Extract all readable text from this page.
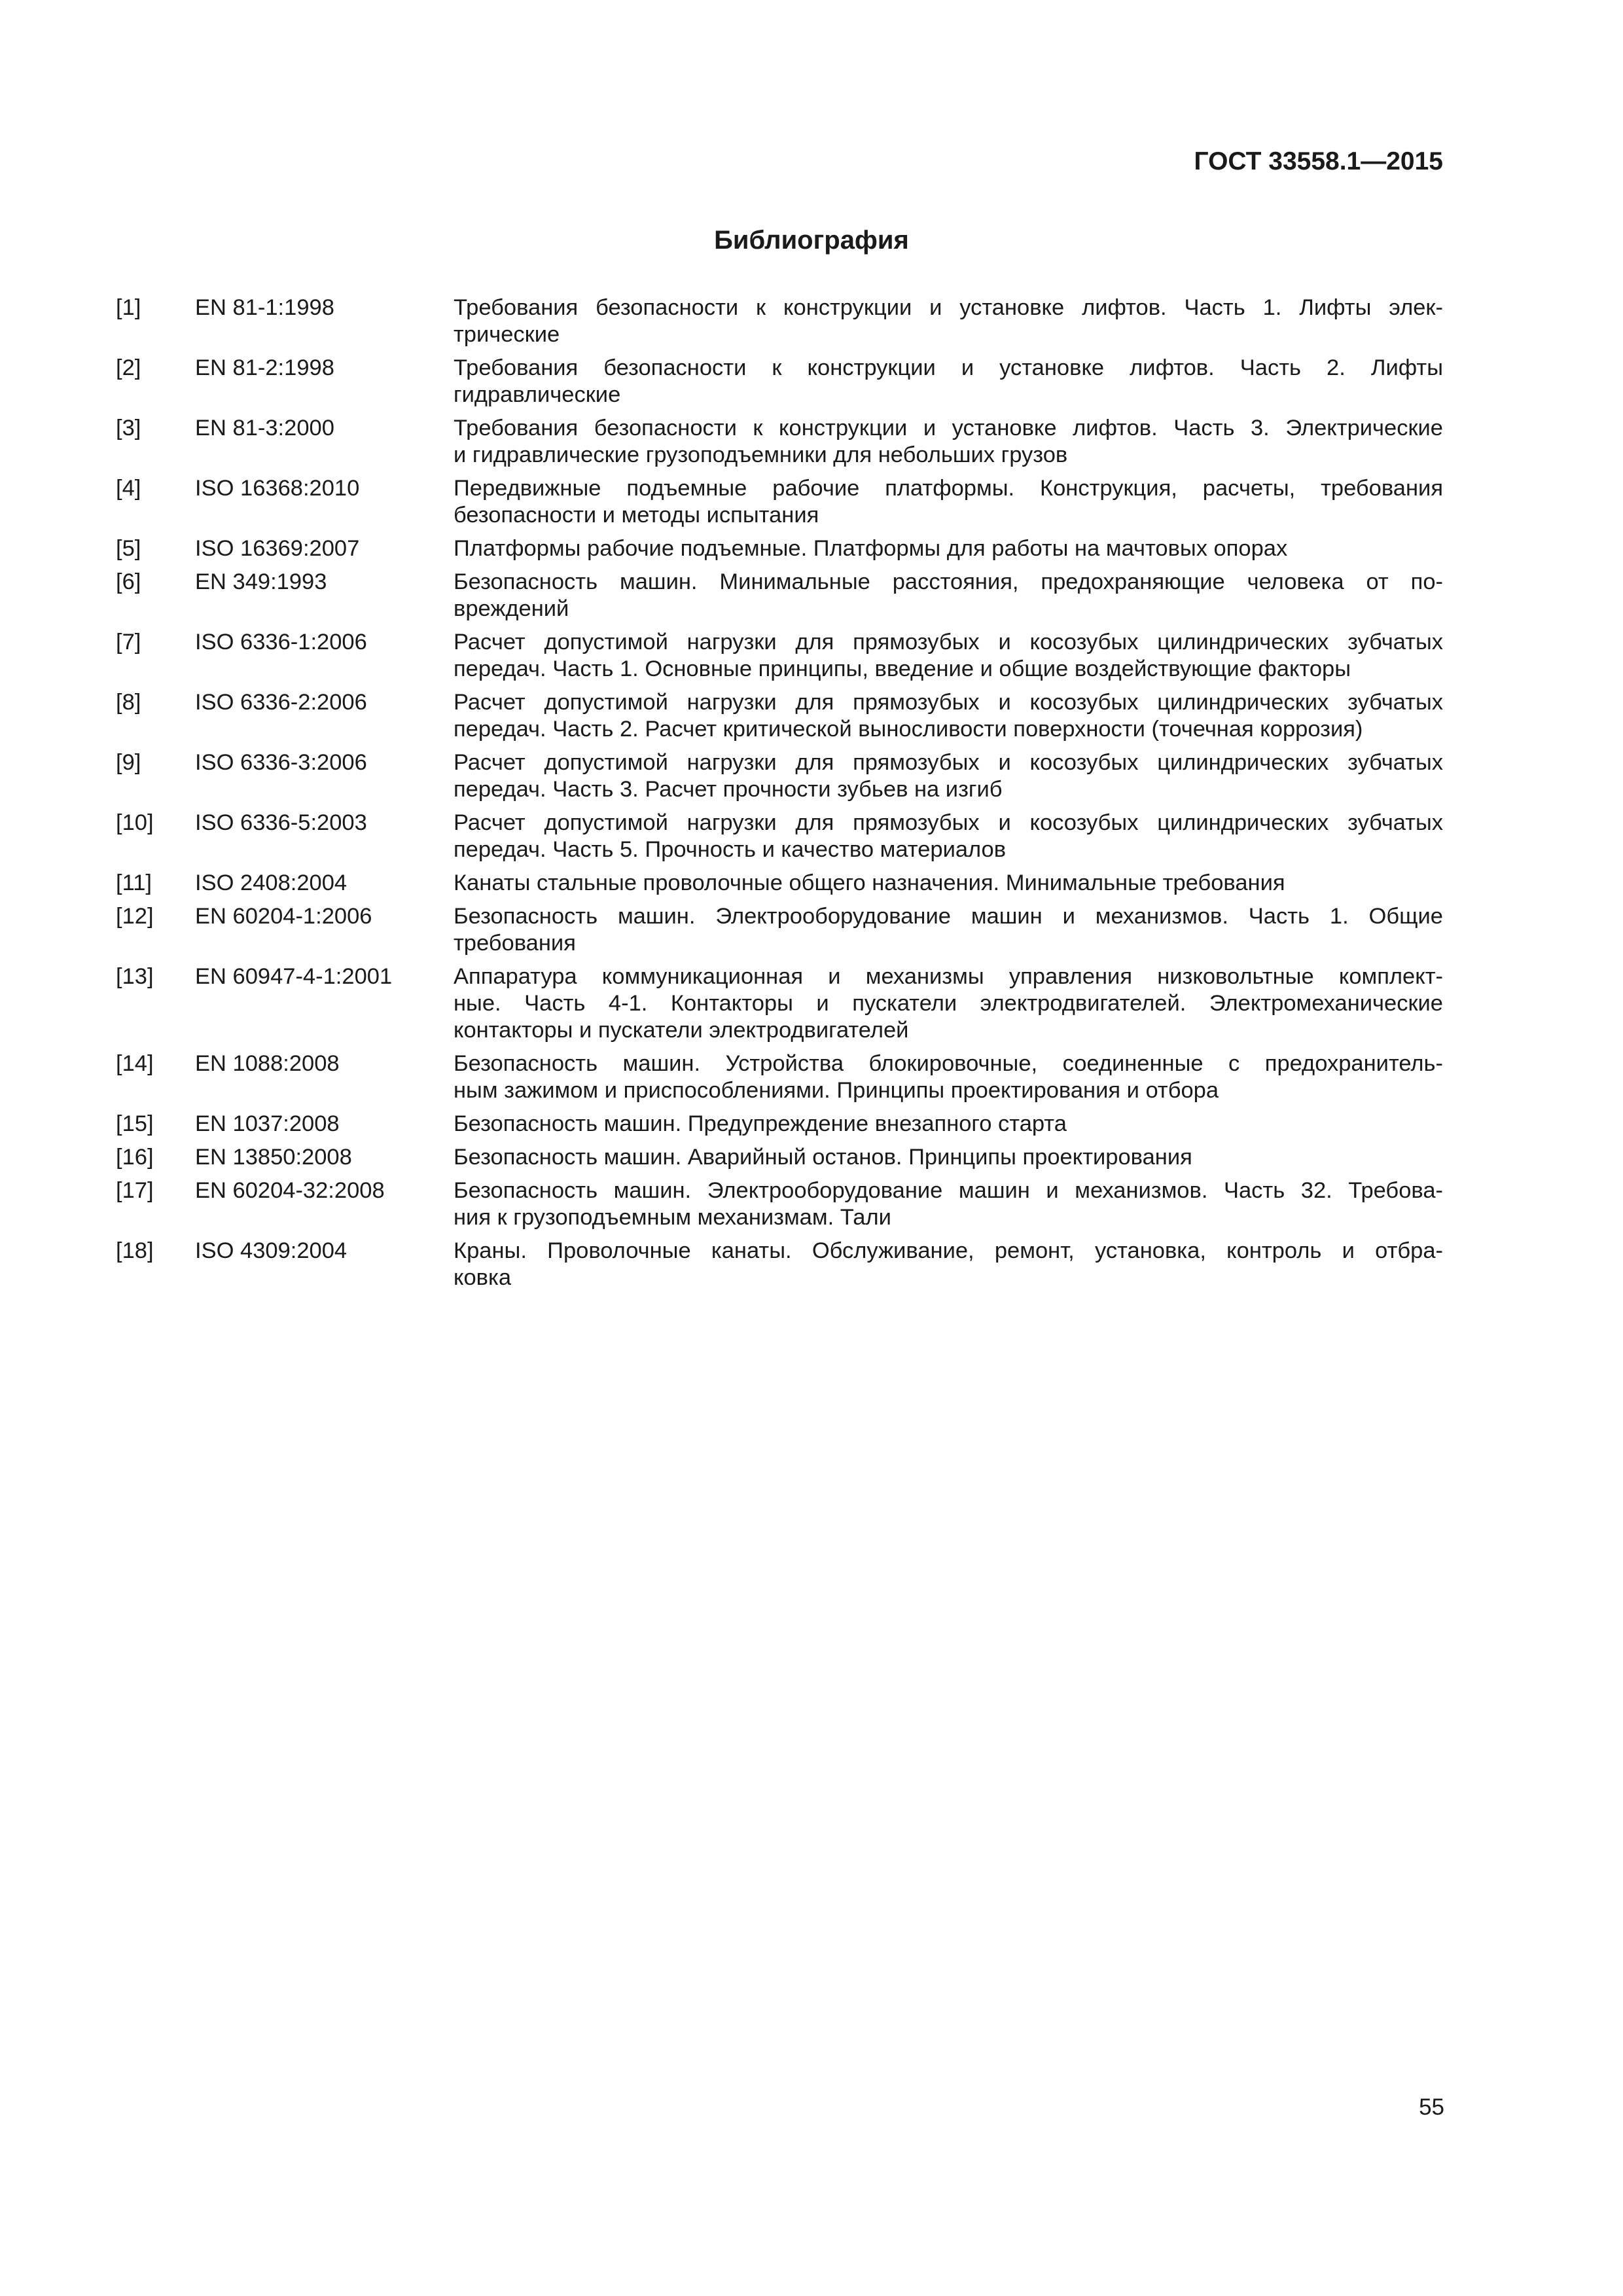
ГОСТ 33558.1—2015
Библиография
[1]	EN 81-1:1998	Требования безопасности к конструкции и установке лифтов. Часть 1. Лифты элек-
трические
[2]	EN 81-2:1998	Требования безопасности к конструкции и установке лифтов. Часть 2. Лифты
гидравлические
[3]	EN 81-3:2000	Требования безопасности к конструкции и установке лифтов. Часть 3. Электрические
и гидравлические грузоподъемники для небольших грузов
[4]	ISO 16368:2010	Передвижные подъемные рабочие платформы. Конструкция, расчеты, требования
безопасности и методы испытания
[5]	ISO 16369:2007	Платформы рабочие подъемные. Платформы для работы на мачтовых опорах
[6]	EN 349:1993	Безопасность машин. Минимальные расстояния, предохраняющие человека от по-
вреждений
[7]	ISO 6336-1:2006	Расчет допустимой нагрузки для прямозубых и косозубых цилиндрических зубчатых
передач. Часть 1. Основные принципы, введение и общие воздействующие факторы
[8]	ISO 6336-2:2006	Расчет допустимой нагрузки для прямозубых и косозубых цилиндрических зубчатых
передач. Часть 2. Расчет критической выносливости поверхности (точечная коррозия)
[9]	ISO 6336-3:2006	Расчет допустимой нагрузки для прямозубых и косозубых цилиндрических зубчатых
передач. Часть 3. Расчет прочности зубьев на изгиб
[10]	ISO 6336-5:2003	Расчет допустимой нагрузки для прямозубых и косозубых цилиндрических зубчатых
передач. Часть 5. Прочность и качество материалов
[11]	ISO 2408:2004	Канаты стальные проволочные общего назначения. Минимальные требования
[12]	EN 60204-1:2006	Безопасность машин. Электрооборудование машин и механизмов. Часть 1. Общие
требования
[13]	EN 60947-4-1:2001	Аппаратура коммуникационная и механизмы управления низковольтные комплект-
ные. Часть 4-1. Контакторы и пускатели электродвигателей. Электромеханические
контакторы и пускатели электродвигателей
[14]	EN 1088:2008	Безопасность машин. Устройства блокировочные, соединенные с предохранитель-
ным зажимом и приспособлениями. Принципы проектирования и отбора
[15]	EN 1037:2008	Безопасность машин. Предупреждение внезапного старта
[16]	EN 13850:2008	Безопасность машин. Аварийный останов. Принципы проектирования
[17]	EN 60204-32:2008	Безопасность машин. Электрооборудование машин и механизмов. Часть 32. Требова-
ния к грузоподъемным механизмам. Тали
[18]	ISO 4309:2004	Краны. Проволочные канаты. Обслуживание, ремонт, установка, контроль и отбра-
ковка
55
